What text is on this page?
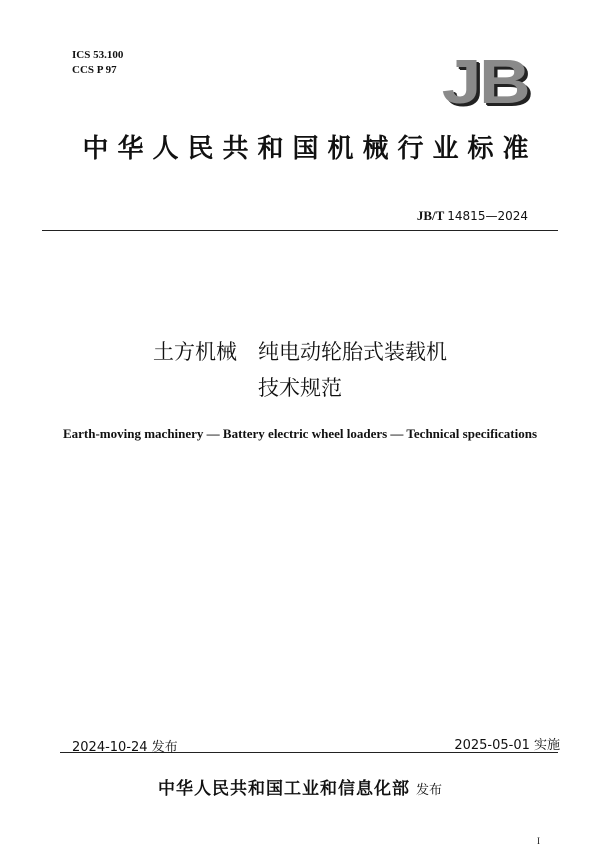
ICS 53.100
CCS P 97	JB
中华人民共和国机械行业标准
JB/T 14815—2024
土方机械　纯电动轮胎式装载机
技术规范
Earth-moving machinery — Battery electric wheel loaders — Technical specifications
2024-10-24 发布	2025-05-01 实施
中华人民共和国工业和信息化部 发布
I
